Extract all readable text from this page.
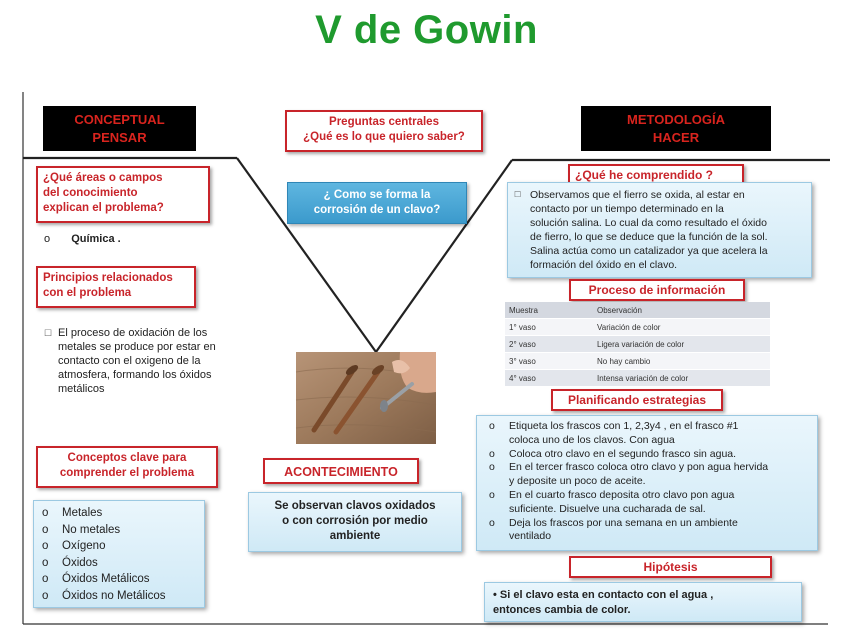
V de Gowin
CONCEPTUAL
PENSAR
Preguntas centrales
¿Qué es lo que quiero saber?
METODOLOGÍA
HACER
¿ Como se forma la
corrosión de un clavo?
¿Qué áreas o campos
del conocimiento
explican el problema?
o Química .
Principios relacionados
con el problema
☐ El proceso de oxidación de los
metales se produce por estar en
contacto con el oxigeno de la
atmosfera, formando los óxidos
metálicos
Conceptos clave para
comprender el problema
o Metales
o No metales
o Oxígeno
o Óxidos
o Óxidos Metálicos
o Óxidos no Metálicos
ACONTECIMIENTO
Se observan clavos oxidados
o con corrosión por medio
ambiente
¿Qué he comprendido ?
☐ Observamos que el fierro se oxida, al estar en
contacto por un tiempo determinado en la
solución salina. Lo cual da como resultado el óxido
de fierro, lo que se deduce que la función de la sol.
Salina actúa como un catalizador ya que acelera la
formación del óxido en el clavo.
Proceso de información
Muestra	Observación
1° vaso	Variación de color
2° vaso	Ligera variación de color
3° vaso	No hay cambio
4° vaso	Intensa variación de color
Planificando estrategias
o Etiqueta los frascos con 1, 2,3y4 , en el frasco #1
coloca uno de los clavos. Con agua
o Coloca otro clavo en el segundo frasco sin agua.
o En el tercer frasco coloca otro clavo y pon agua hervida
y deposite un poco de aceite.
o En el cuarto frasco deposita otro clavo pon agua
suficiente. Disuelve una cucharada de sal.
o Deja los frascos por una semana en un ambiente
ventilado
Hipótesis
• Si el clavo esta en contacto con el agua ,
entonces cambia de color.
